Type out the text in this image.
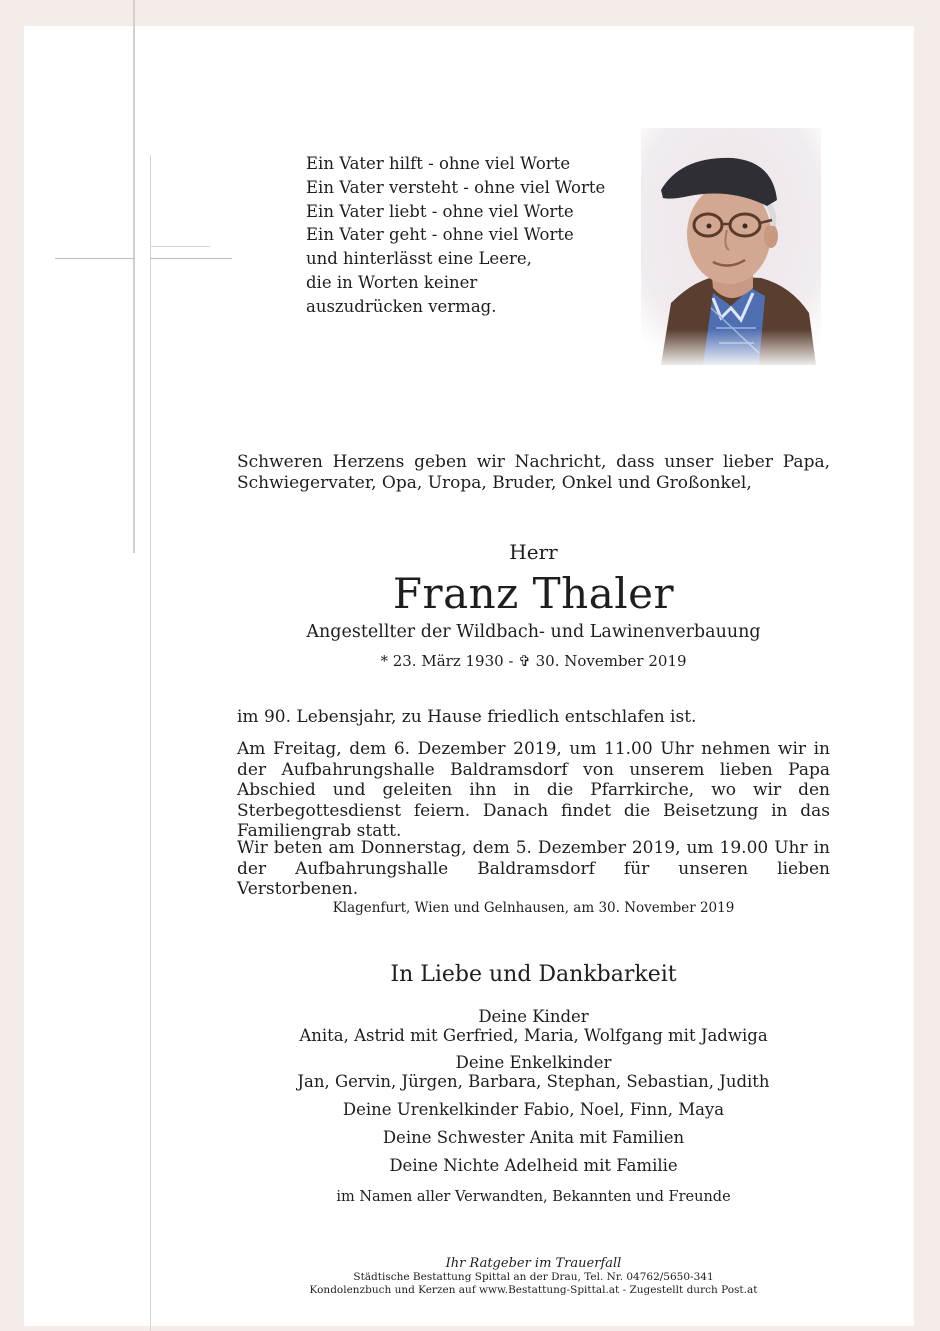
Ein Vater hilft - ohne viel Worte
Ein Vater versteht - ohne viel Worte
Ein Vater liebt - ohne viel Worte
Ein Vater geht - ohne viel Worte
und hinterlässt eine Leere,
die in Worten keiner
auszudrücken vermag.
Schweren Herzens geben wir Nachricht, dass unser lieber Papa, Schwiegervater, Opa, Uropa, Bruder, Onkel und Großonkel,
Herr
Franz Thaler
Angestellter der Wildbach- und Lawinenverbauung
* 23. März 1930 - ✞ 30. November 2019
im 90. Lebensjahr, zu Hause friedlich entschlafen ist.
Am Freitag, dem 6. Dezember 2019, um 11.00 Uhr nehmen wir in der Aufbahrungshalle Baldramsdorf von unserem lieben Papa Abschied und geleiten ihn in die Pfarrkirche, wo wir den Sterbegottesdienst feiern. Danach findet die Beisetzung in das Familiengrab statt.
Wir beten am Donnerstag, dem 5. Dezember 2019, um 19.00 Uhr in der Aufbahrungshalle Baldramsdorf für unseren lieben Verstorbenen.
Klagenfurt, Wien und Gelnhausen, am 30. November 2019
In Liebe und Dankbarkeit
Deine Kinder
Anita, Astrid mit Gerfried, Maria, Wolfgang mit Jadwiga
Deine Enkelkinder
Jan, Gervin, Jürgen, Barbara, Stephan, Sebastian, Judith
Deine Urenkelkinder Fabio, Noel, Finn, Maya
Deine Schwester Anita mit Familien
Deine Nichte Adelheid mit Familie
im Namen aller Verwandten, Bekannten und Freunde
Ihr Ratgeber im Trauerfall
Städtische Bestattung Spittal an der Drau, Tel. Nr. 04762/5650-341
Kondolenzbuch und Kerzen auf www.Bestattung-Spittal.at - Zugestellt durch Post.at
